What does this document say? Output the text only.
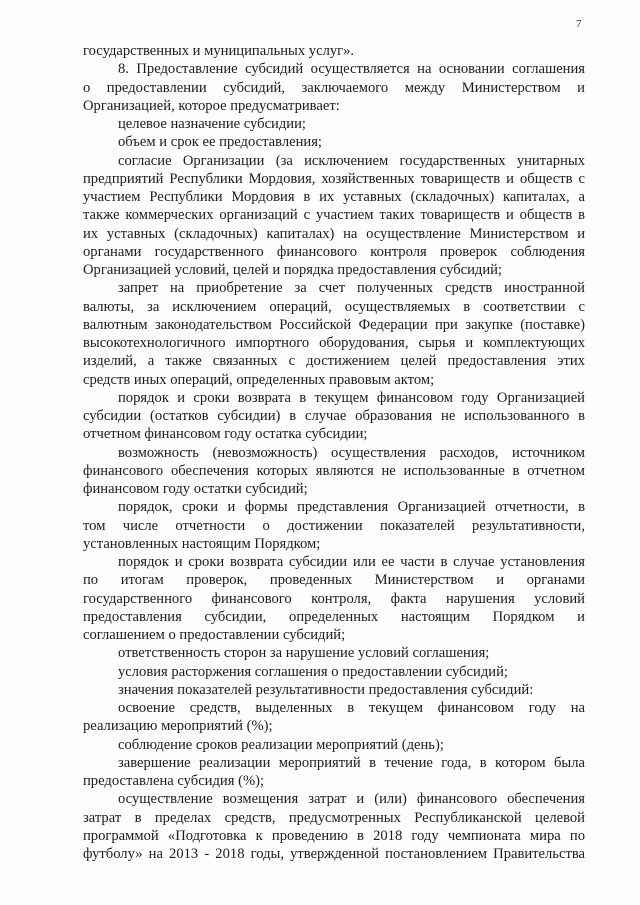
7
государственных и муниципальных услуг».
8. Предоставление субсидий осуществляется на основании соглашения
о предоставлении субсидий, заключаемого между Министерством и
Организацией, которое предусматривает:
целевое назначение субсидии;
объем и срок ее предоставления;
согласие Организации (за исключением государственных унитарных
предприятий Республики Мордовия, хозяйственных товариществ и обществ с
участием Республики Мордовия в их уставных (складочных) капиталах, а
также коммерческих организаций с участием таких товариществ и обществ в
их уставных (складочных) капиталах) на осуществление Министерством и
органами государственного финансового контроля проверок соблюдения
Организацией условий, целей и порядка предоставления субсидий;
запрет на приобретение за счет полученных средств иностранной
валюты, за исключением операций, осуществляемых в соответствии с
валютным законодательством Российской Федерации при закупке (поставке)
высокотехнологичного импортного оборудования, сырья и комплектующих
изделий, а также связанных с достижением целей предоставления этих
средств иных операций, определенных правовым актом;
порядок и сроки возврата в текущем финансовом году Организацией
субсидии (остатков субсидии) в случае образования не использованного в
отчетном финансовом году остатка субсидии;
возможность (невозможность) осуществления расходов, источником
финансового обеспечения которых являются не использованные в отчетном
финансовом году остатки субсидий;
порядок, сроки и формы представления Организацией отчетности, в
том числе отчетности о достижении показателей результативности,
установленных настоящим Порядком;
порядок и сроки возврата субсидии или ее части в случае установления
по итогам проверок, проведенных Министерством и органами
государственного финансового контроля, факта нарушения условий
предоставления субсидии, определенных настоящим Порядком и
соглашением о предоставлении субсидий;
ответственность сторон за нарушение условий соглашения;
условия расторжения соглашения о предоставлении субсидий;
значения показателей результативности предоставления субсидий:
освоение средств, выделенных в текущем финансовом году на
реализацию мероприятий (%);
соблюдение сроков реализации мероприятий (день);
завершение реализации мероприятий в течение года, в котором была
предоставлена субсидия (%);
осуществление возмещения затрат и (или) финансового обеспечения
затрат в пределах средств, предусмотренных Республиканской целевой
программой «Подготовка к проведению в 2018 году чемпионата мира по
футболу» на 2013 - 2018 годы, утвержденной постановлением Правительства
